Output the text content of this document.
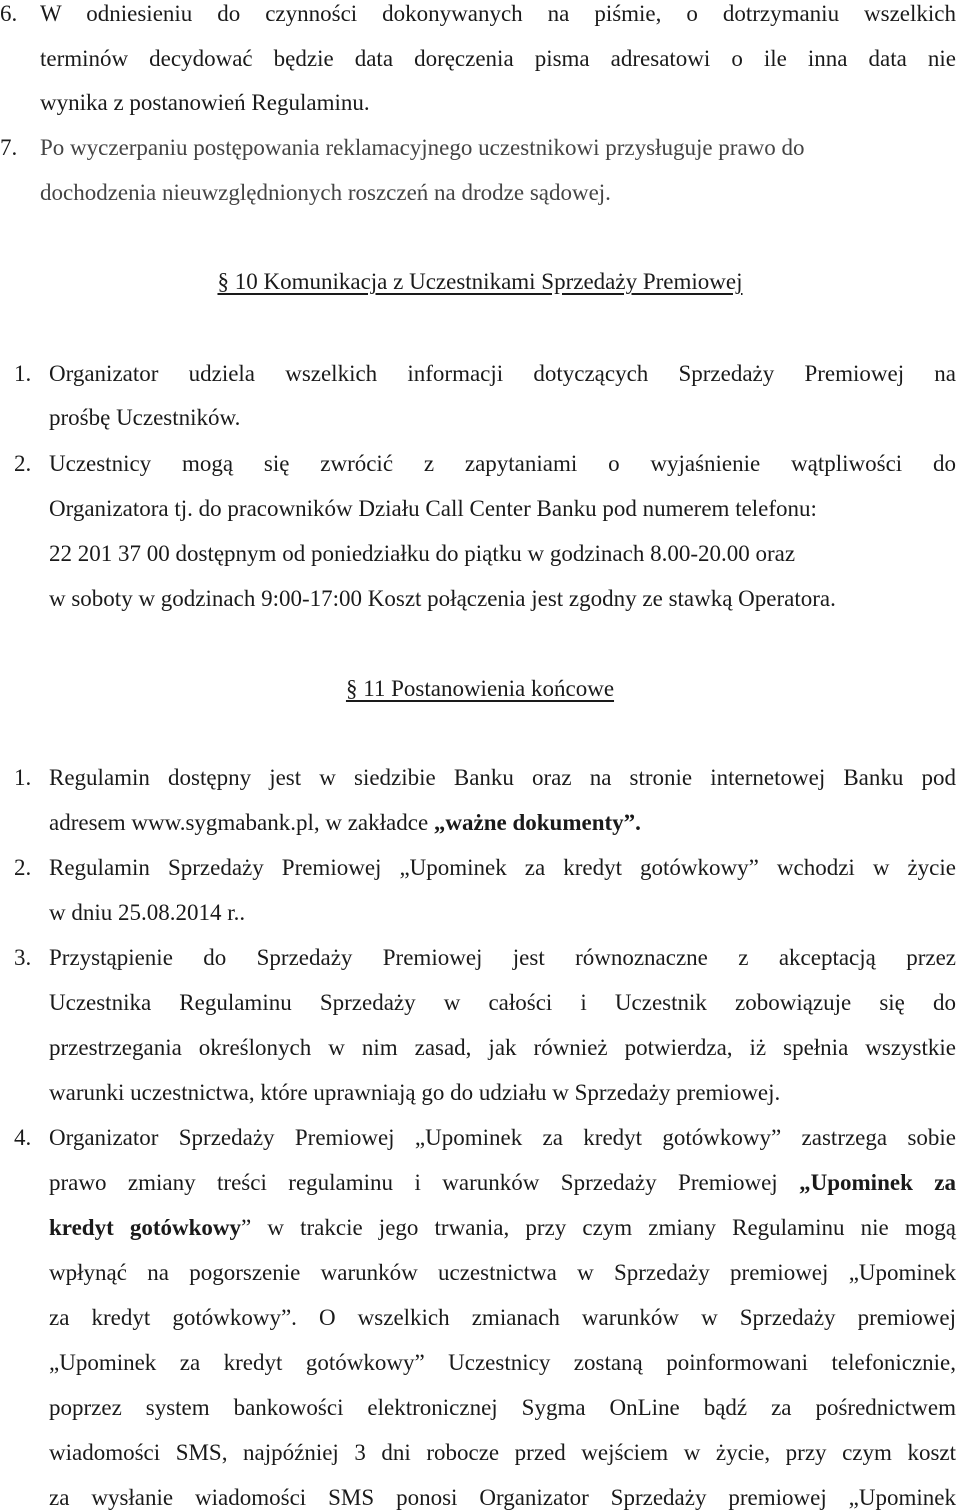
6. W odniesieniu do czynności dokonywanych na piśmie, o dotrzymaniu wszelkich
terminów decydować będzie data doręczenia pisma adresatowi o ile inna data nie
wynika z postanowień Regulaminu.
7. Po wyczerpaniu postępowania reklamacyjnego uczestnikowi przysługuje prawo do
dochodzenia nieuwzględnionych roszczeń na drodze sądowej.
§ 10 Komunikacja z Uczestnikami Sprzedaży Premiowej
1. Organizator udziela wszelkich informacji dotyczących Sprzedaży Premiowej na
prośbę Uczestników.
2. Uczestnicy mogą się zwrócić z zapytaniami o wyjaśnienie wątpliwości do
Organizatora tj. do pracowników Działu Call Center Banku pod numerem telefonu:
22 201 37 00 dostępnym od poniedziałku do piątku w godzinach 8.00-20.00 oraz
w soboty w godzinach 9:00-17:00 Koszt połączenia jest zgodny ze stawką Operatora.
§ 11 Postanowienia końcowe
1. Regulamin dostępny jest w siedzibie Banku oraz na stronie internetowej Banku pod
adresem www.sygmabank.pl, w zakładce „ważne dokumenty”.
2. Regulamin Sprzedaży Premiowej „Upominek za kredyt gotówkowy” wchodzi w życie
w dniu 25.08.2014 r..
3. Przystąpienie do Sprzedaży Premiowej jest równoznaczne z akceptacją przez
Uczestnika Regulaminu Sprzedaży w całości i Uczestnik zobowiązuje się do
przestrzegania określonych w nim zasad, jak również potwierdza, iż spełnia wszystkie
warunki uczestnictwa, które uprawniają go do udziału w Sprzedaży premiowej.
4. Organizator Sprzedaży Premiowej „Upominek za kredyt gotówkowy” zastrzega sobie
prawo zmiany treści regulaminu i warunków Sprzedaży Premiowej „Upominek za
kredyt gotówkowy” w trakcie jego trwania, przy czym zmiany Regulaminu nie mogą
wpłynąć na pogorszenie warunków uczestnictwa w Sprzedaży premiowej „Upominek
za kredyt gotówkowy”. O wszelkich zmianach warunków w Sprzedaży premiowej
„Upominek za kredyt gotówkowy” Uczestnicy zostaną poinformowani telefonicznie,
poprzez system bankowości elektronicznej Sygma OnLine bądź za pośrednictwem
wiadomości SMS, najpóźniej 3 dni robocze przed wejściem w życie, przy czym koszt
za wysłanie wiadomości SMS ponosi Organizator Sprzedaży premiowej „Upominek
